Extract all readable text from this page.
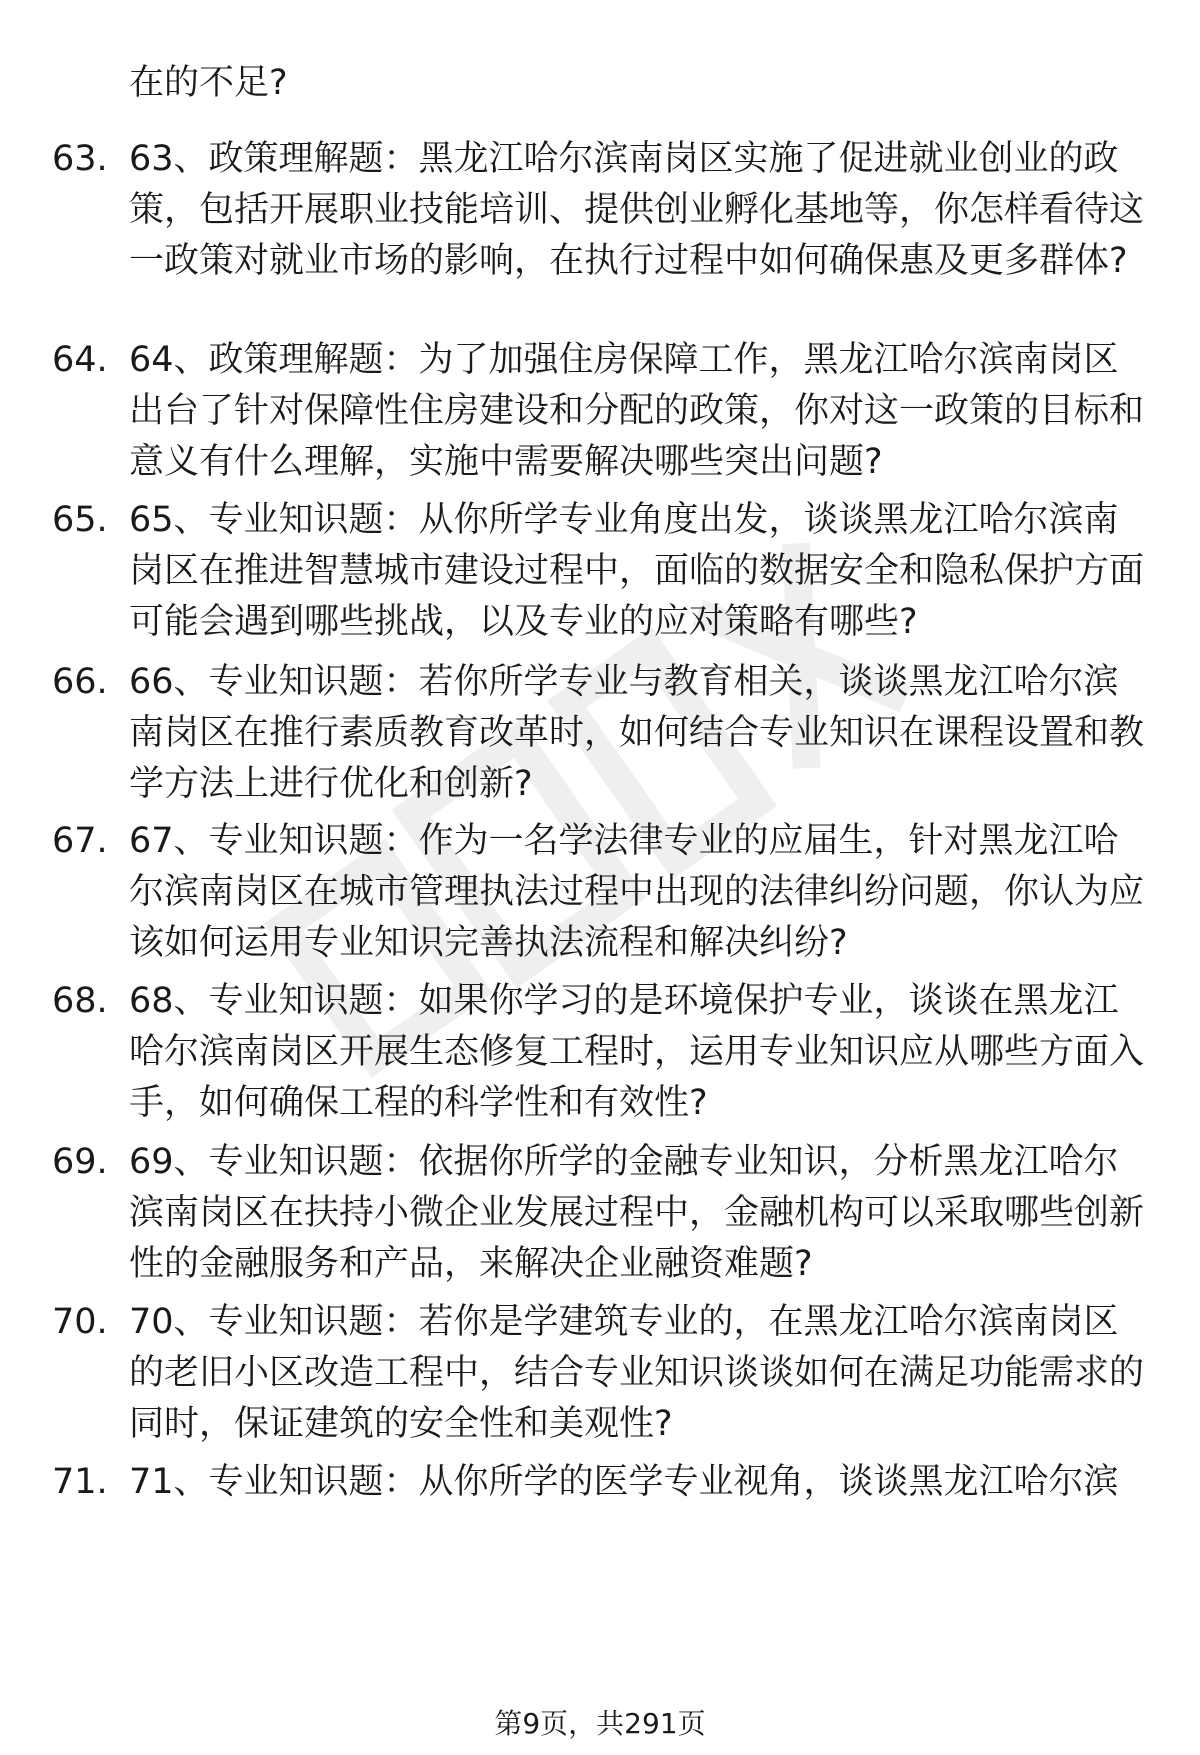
在的不足?
63. 63、政策理解题：黑龙江哈尔滨南岗区实施了促进就业创业的政策，包括开展职业技能培训、提供创业孵化基地等，你怎样看待这一政策对就业市场的影响，在执行过程中如何确保惠及更多群体?
64. 64、政策理解题：为了加强住房保障工作，黑龙江哈尔滨南岗区出台了针对保障性住房建设和分配的政策，你对这一政策的目标和意义有什么理解，实施中需要解决哪些突出问题?
65. 65、专业知识题：从你所学专业角度出发，谈谈黑龙江哈尔滨南岗区在推进智慧城市建设过程中，面临的数据安全和隐私保护方面可能会遇到哪些挑战，以及专业的应对策略有哪些?
66. 66、专业知识题：若你所学专业与教育相关，谈谈黑龙江哈尔滨南岗区在推行素质教育改革时，如何结合专业知识在课程设置和教学方法上进行优化和创新?
67. 67、专业知识题：作为一名学法律专业的应届生，针对黑龙江哈尔滨南岗区在城市管理执法过程中出现的法律纠纷问题，你认为应该如何运用专业知识完善执法流程和解决纠纷?
68. 68、专业知识题：如果你学习的是环境保护专业，谈谈在黑龙江哈尔滨南岗区开展生态修复工程时，运用专业知识应从哪些方面入手，如何确保工程的科学性和有效性?
69. 69、专业知识题：依据你所学的金融专业知识，分析黑龙江哈尔滨南岗区在扶持小微企业发展过程中，金融机构可以采取哪些创新性的金融服务和产品，来解决企业融资难题?
70. 70、专业知识题：若你是学建筑专业的，在黑龙江哈尔滨南岗区的老旧小区改造工程中，结合专业知识谈谈如何在满足功能需求的同时，保证建筑的安全性和美观性?
71. 71、专业知识题：从你所学的医学专业视角，谈谈黑龙江哈尔滨
第9页，共291页
